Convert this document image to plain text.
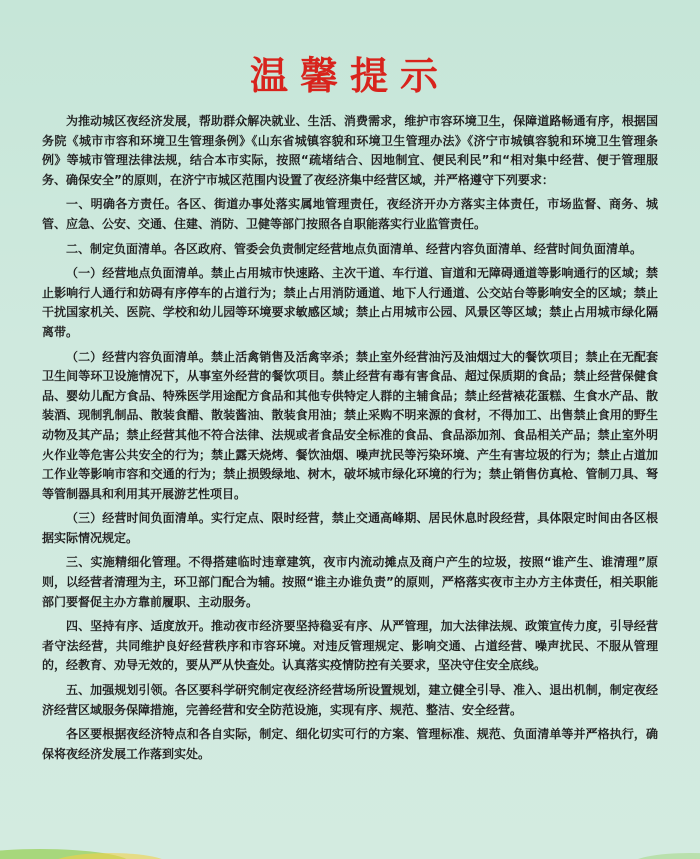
温馨提示

为推动城区夜经济发展，帮助群众解决就业、生活、消费需求，维护市容环境卫生，保障道路畅通有序，根据国务院《城市市容和环境卫生管理条例》《山东省城镇容貌和环境卫生管理办法》《济宁市城镇容貌和环境卫生管理条例》等城市管理法律法规，结合本市实际，按照“疏堵结合、因地制宜、便民利民”和“相对集中经营、便于管理服务、确保安全”的原则，在济宁市城区范围内设置了夜经济集中经营区域，并严格遵守下列要求：

一、明确各方责任。各区、街道办事处落实属地管理责任，夜经济开办方落实主体责任，市场监督、商务、城管、应急、公安、交通、住建、消防、卫健等部门按照各自职能落实行业监管责任。

二、制定负面清单。各区政府、管委会负责制定经营地点负面清单、经营内容负面清单、经营时间负面清单。

（一）经营地点负面清单。禁止占用城市快速路、主次干道、车行道、盲道和无障碍通道等影响通行的区域；禁止影响行人通行和妨碍有序停车的占道行为；禁止占用消防通道、地下人行通道、公交站台等影响安全的区域；禁止干扰国家机关、医院、学校和幼儿园等环境要求敏感区域；禁止占用城市公园、风景区等区域；禁止占用城市绿化隔离带。

（二）经营内容负面清单。禁止活禽销售及活禽宰杀；禁止室外经营油污及油烟过大的餐饮项目；禁止在无配套卫生间等环卫设施情况下，从事室外经营的餐饮项目。禁止经营有毒有害食品、超过保质期的食品；禁止经营保健食品、婴幼儿配方食品、特殊医学用途配方食品和其他专供特定人群的主辅食品；禁止经营裱花蛋糕、生食水产品、散装酒、现制乳制品、散装食醋、散装酱油、散装食用油；禁止采购不明来源的食材，不得加工、出售禁止食用的野生动物及其产品；禁止经营其他不符合法律、法规或者食品安全标准的食品、食品添加剂、食品相关产品；禁止室外明火作业等危害公共安全的行为；禁止露天烧烤、餐饮油烟、噪声扰民等污染环境、产生有害垃圾的行为；禁止占道加工作业等影响市容和交通的行为；禁止损毁绿地、树木，破坏城市绿化环境的行为；禁止销售仿真枪、管制刀具、弩等管制器具和利用其开展游艺性项目。

（三）经营时间负面清单。实行定点、限时经营，禁止交通高峰期、居民休息时段经营，具体限定时间由各区根据实际情况规定。

三、实施精细化管理。不得搭建临时违章建筑，夜市内流动摊点及商户产生的垃圾，按照“谁产生、谁清理”原则，以经营者清理为主，环卫部门配合为辅。按照“谁主办谁负责”的原则，严格落实夜市主办方主体责任，相关职能部门要督促主办方靠前履职、主动服务。

四、坚持有序、适度放开。推动夜市经济要坚持稳妥有序、从严管理，加大法律法规、政策宣传力度，引导经营者守法经营，共同维护良好经营秩序和市容环境。对违反管理规定、影响交通、占道经营、噪声扰民、不服从管理的，经教育、劝导无效的，要从严从快查处。认真落实疫情防控有关要求，坚决守住安全底线。

五、加强规划引领。各区要科学研究制定夜经济经营场所设置规划，建立健全引导、准入、退出机制，制定夜经济经营区域服务保障措施，完善经营和安全防范设施，实现有序、规范、整洁、安全经营。

各区要根据夜经济特点和各自实际，制定、细化切实可行的方案、管理标准、规范、负面清单等并严格执行，确保将夜经济发展工作落到实处。
